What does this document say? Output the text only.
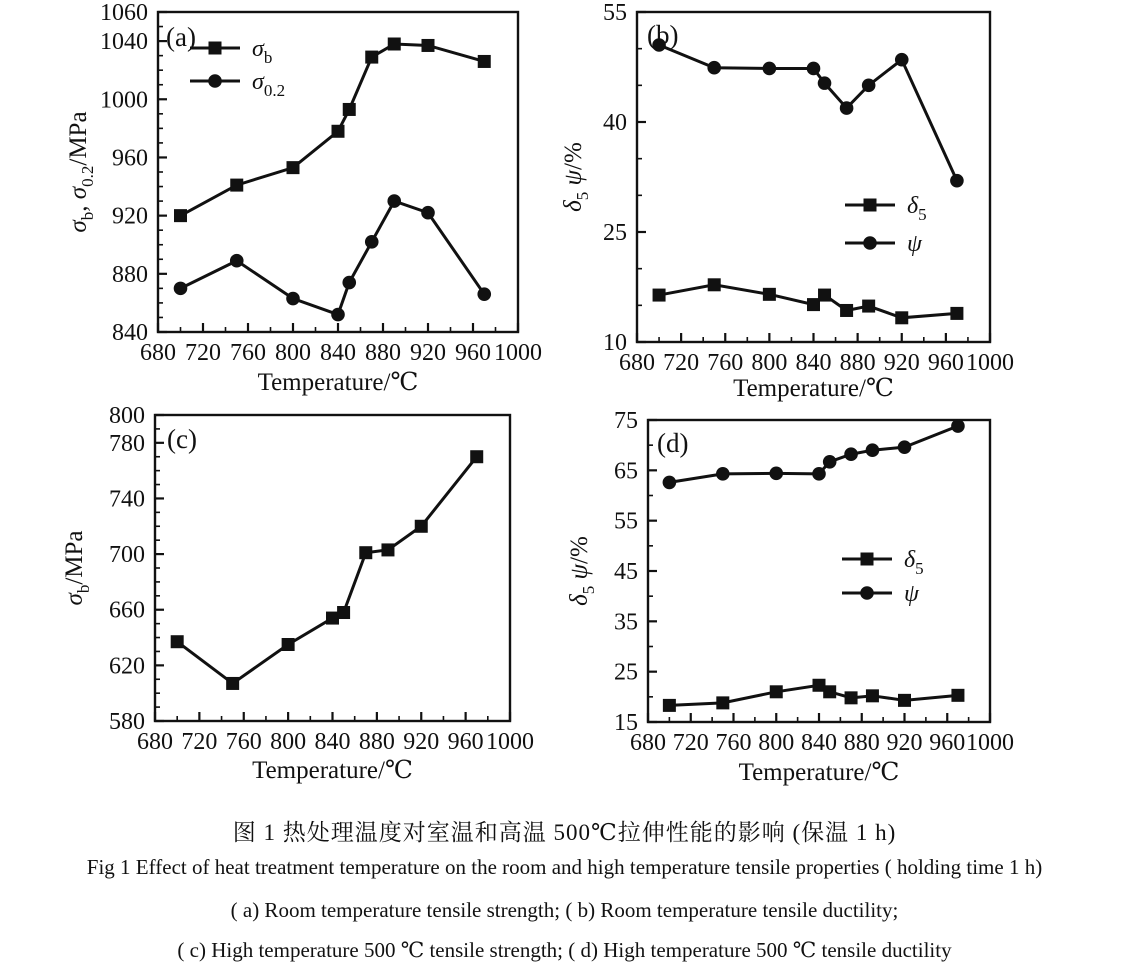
680 720 760 800 840 880 920 960 1000
840
880
920
960
1000
1040
1060
Temperature/℃
$\sigma_b$, $\sigma_{0.2}$/MPa
$\sigma_b$
$\sigma_{0.2}$
(a)
680 720 760 800 840 880 920 960 1000
10
25
40
55
Temperature/℃
$\delta_5$ ψ/%
$\delta_5$
ψ
(b)
680 720 760 800 840 880 920 960 1000
580
620
660
700
740
780
800
Temperature/℃
$\sigma_b$/MPa
(c)
680 720 760 800 840 880 920 960 1000
15
25
35
45
55
65
75
Temperature/℃
$\delta_5$ ψ/%	$\delta_5$
ψ
(d)
图 1 热处理温度对室温和高温 500℃拉伸性能的影响 (保温 1 h)
Fig 1 Effect of heat treatment temperature on the room and high temperature tensile properties ( holding time 1 h)
( a) Room temperature tensile strength; ( b) Room temperature tensile ductility;
( c) High temperature 500 ℃ tensile strength; ( d) High temperature 500 ℃ tensile ductility
